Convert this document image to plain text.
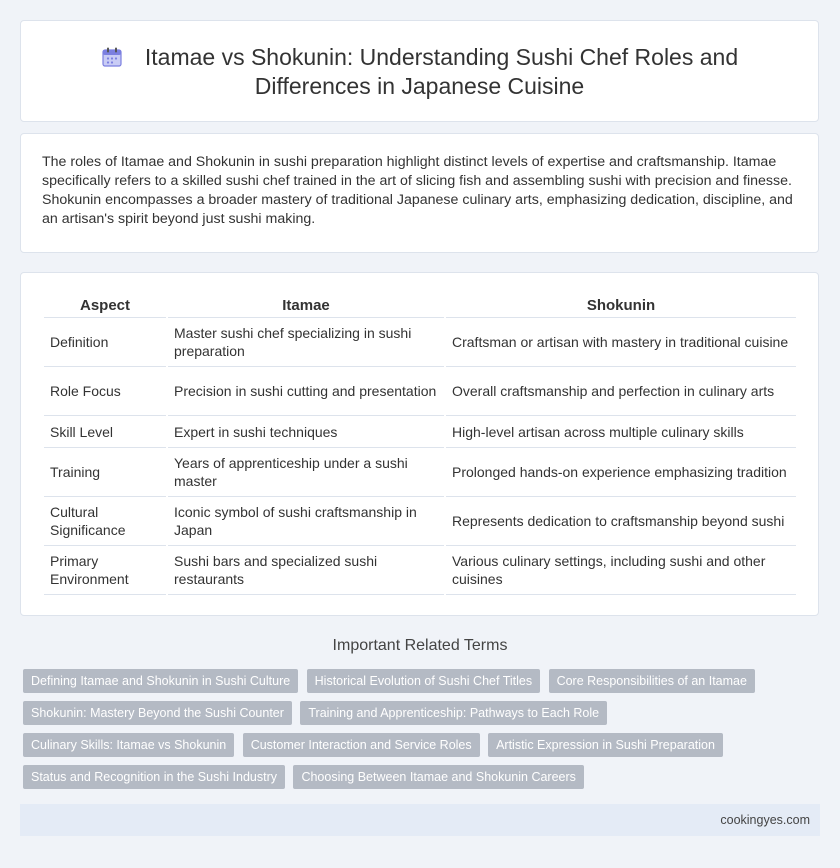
Itamae vs Shokunin: Understanding Sushi Chef Roles and
Differences in Japanese Cuisine

The roles of Itamae and Shokunin in sushi preparation highlight distinct levels of expertise and craftsmanship. Itamae specifically refers to a skilled sushi chef trained in the art of slicing fish and assembling sushi with precision and finesse. Shokunin encompasses a broader mastery of traditional Japanese culinary arts, emphasizing dedication, discipline, and an artisan's spirit beyond just sushi making.

Aspect	Itamae	Shokunin
Definition	Master sushi chef specializing in sushi preparation	Craftsman or artisan with mastery in traditional cuisine
Role Focus	Precision in sushi cutting and presentation	Overall craftsmanship and perfection in culinary arts
Skill Level	Expert in sushi techniques	High-level artisan across multiple culinary skills
Training	Years of apprenticeship under a sushi master	Prolonged hands-on experience emphasizing tradition
Cultural Significance	Iconic symbol of sushi craftsmanship in Japan	Represents dedication to craftsmanship beyond sushi
Primary Environment	Sushi bars and specialized sushi restaurants	Various culinary settings, including sushi and other cuisines
Important Related Terms
Defining Itamae and Shokunin in Sushi Culture Historical Evolution of Sushi Chef Titles Core Responsibilities of an Itamae Shokunin: Mastery Beyond the Sushi Counter Training and Apprenticeship: Pathways to Each Role Culinary Skills: Itamae vs Shokunin Customer Interaction and Service Roles Artistic Expression in Sushi Preparation Status and Recognition in the Sushi Industry Choosing Between Itamae and Shokunin Careers
cookingyes.com
